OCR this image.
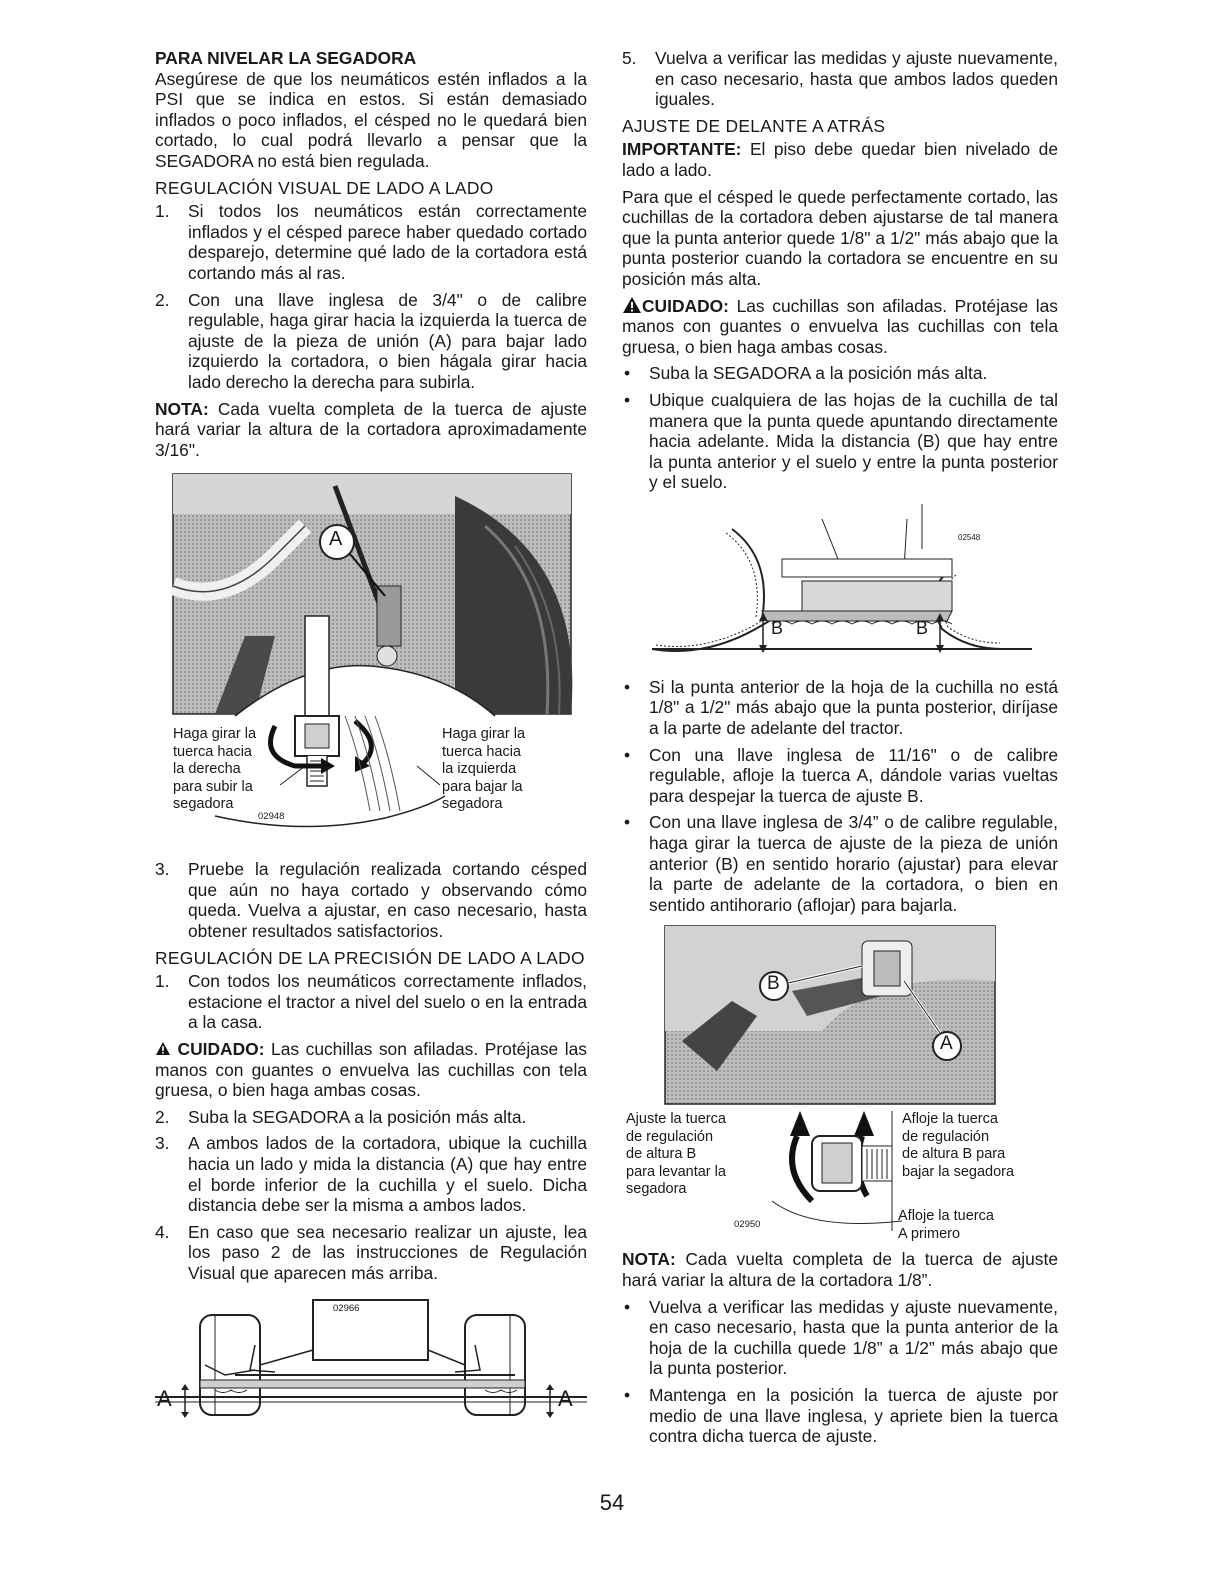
PARA NIVELAR LA SEGADORA

Asegúrese de que los neumáticos estén inflados a la PSI que se indica en estos. Si están demasiado inflados o poco inflados, el césped no le quedará bien cortado, lo cual podrá llevarlo a pensar que la SEGADORA no está bien regulada.

REGULACIÓN VISUAL DE LADO A LADO

1.	Si todos los neumáticos están correctamente inflados y el césped parece haber quedado cortado desparejo, determine qué lado de la cortadora está cortando más al ras.
2.	Con una llave inglesa de 3/4" o de calibre regulable, haga girar hacia la izquierda la tuerca de ajuste de la pieza de unión (A) para bajar lado izquierdo la cortadora, o bien hágala girar hacia lado derecho la derecha para subirla.

NOTA: Cada vuelta completa de la tuerca de ajuste hará variar la altura de la cortadora aproximadamente 3/16".

A
Haga girar la
tuerca hacia
la derecha
para subir la
segadora
Haga girar la
tuerca hacia
la izquierda
para bajar la
segadora
02948
3.	Pruebe la regulación realizada cortando césped que aún no haya cortado y observando cómo queda. Vuelva a ajustar, en caso necesario, hasta obtener resultados satisfactorios.

REGULACIÓN DE LA PRECISIÓN DE LADO A LADO

1.	Con todos los neumáticos correctamente inflados, estacione el tractor a nivel del suelo o en la entrada a la casa.

CUIDADO: Las cuchillas son afiladas. Protéjase las manos con guantes o envuelva las cuchillas con tela gruesa, o bien haga ambas cosas.

2.	Suba la SEGADORA a la posición más alta.
3.	A ambos lados de la cortadora, ubique la cuchilla hacia un lado y mida la distancia (A) que hay entre el borde inferior de la cuchilla y el suelo. Dicha distancia debe ser la misma a ambos lados.
4.	En caso que sea necesario realizar un ajuste, lea los paso 2 de las instrucciones de Regulación Visual que aparecen más arriba.
02966
A	A
5.	Vuelva a verificar las medidas y ajuste nuevamente, en caso necesario, hasta que ambos lados queden iguales.

AJUSTE DE DELANTE A ATRÁS

IMPORTANTE: El piso debe quedar bien nivelado de lado a lado.

Para que el césped le quede perfectamente cortado, las cuchillas de la cortadora deben ajustarse de tal manera que la punta anterior quede 1/8" a 1/2" más abajo que la punta posterior cuando la cortadora se encuentre en su posición más alta.

CUIDADO: Las cuchillas son afiladas. Protéjase las manos con guantes o envuelva las cuchillas con tela gruesa, o bien haga ambas cosas.

•	Suba la SEGADORA a la posición más alta.
•	Ubique cualquiera de las hojas de la cuchilla de tal manera que la punta quede apuntando directamente hacia adelante. Mida la distancia (B) que hay entre la punta anterior y el suelo y entre la punta posterior y el suelo.
02548
B	B
•	Si la punta anterior de la hoja de la cuchilla no está 1/8" a 1/2" más abajo que la punta posterior, diríjase a la parte de adelante del tractor.
•	Con una llave inglesa de 11/16" o de calibre regulable, afloje la tuerca A, dándole varias vueltas para despejar la tuerca de ajuste B.
•	Con una llave inglesa de 3/4” o de calibre regulable, haga girar la tuerca de ajuste de la pieza de unión anterior (B) en sentido horario (ajustar) para elevar la parte de adelante de la cortadora, o bien en sentido antihorario (aflojar) para bajarla.
B
A
Ajuste la tuerca
de regulación
de altura B
para levantar la
segadora
Afloje la tuerca
de regulación
de altura B para
bajar la segadora
Afloje la tuerca
A primero
02950

NOTA: Cada vuelta completa de la tuerca de ajuste hará variar la altura de la cortadora 1/8”.

•	Vuelva a verificar las medidas y ajuste nuevamente, en caso necesario, hasta que la punta anterior de la hoja de la cuchilla quede 1/8” a 1/2” más abajo que la punta posterior.
•	Mantenga en la posición la tuerca de ajuste por medio de una llave inglesa, y apriete bien la tuerca contra dicha tuerca de ajuste.
54
